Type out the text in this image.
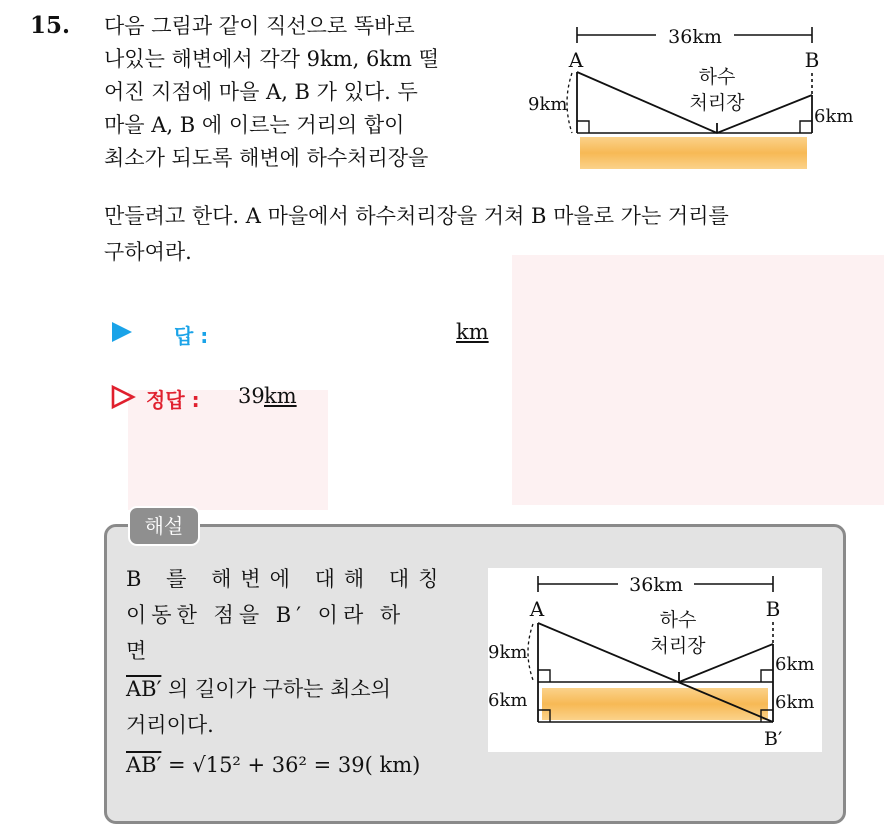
15. 다음 그림과 같이 직선으로 똑바로
나있는 해변에서 각각 9km, 6km 떨
어진 지점에 마을 A, B 가 있다. 두
마을 A, B 에 이르는 거리의 합이
최소가 되도록 해변에 하수처리장을
만들려고 한다. A 마을에서 하수처리장을 거쳐 B 마을로 가는 거리를
구하여라.
36km
A	B
9km
6km
하수
처리장
답 :	km
정답 : 39 km
해설
B 를 해변에 대해 대칭
이동한 점을 B′ 이라 하
면
AB′ 의 길이가 구하는 최소의
거리이다.
AB′ = √15² + 36² = 39( km)
36km
A	B
9km
6km
6km
6km
B′
하수
처리장
